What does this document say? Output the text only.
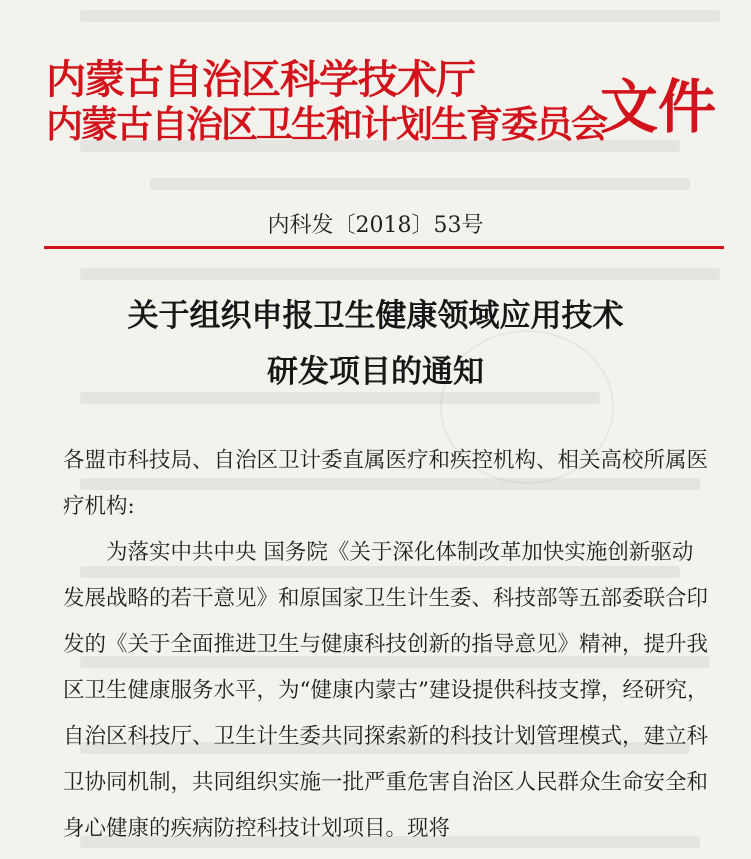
内蒙古自治区科学技术厅
内蒙古自治区卫生和计划生育委员会
文件
内科发〔2018〕53号
关于组织申报卫生健康领域应用技术
研发项目的通知

各盟市科技局、自治区卫计委直属医疗和疾控机构、相关高校所属医疗机构:

为落实中共中央 国务院《关于深化体制改革加快实施创新驱动发展战略的若干意见》和原国家卫生计生委、科技部等五部委联合印发的《关于全面推进卫生与健康科技创新的指导意见》精神，提升我区卫生健康服务水平，为“健康内蒙古”建设提供科技支撑，经研究，自治区科技厅、卫生计生委共同探索新的科技计划管理模式，建立科卫协同机制，共同组织实施一批严重危害自治区人民群众生命安全和身心健康的疾病防控科技计划项目。现将
